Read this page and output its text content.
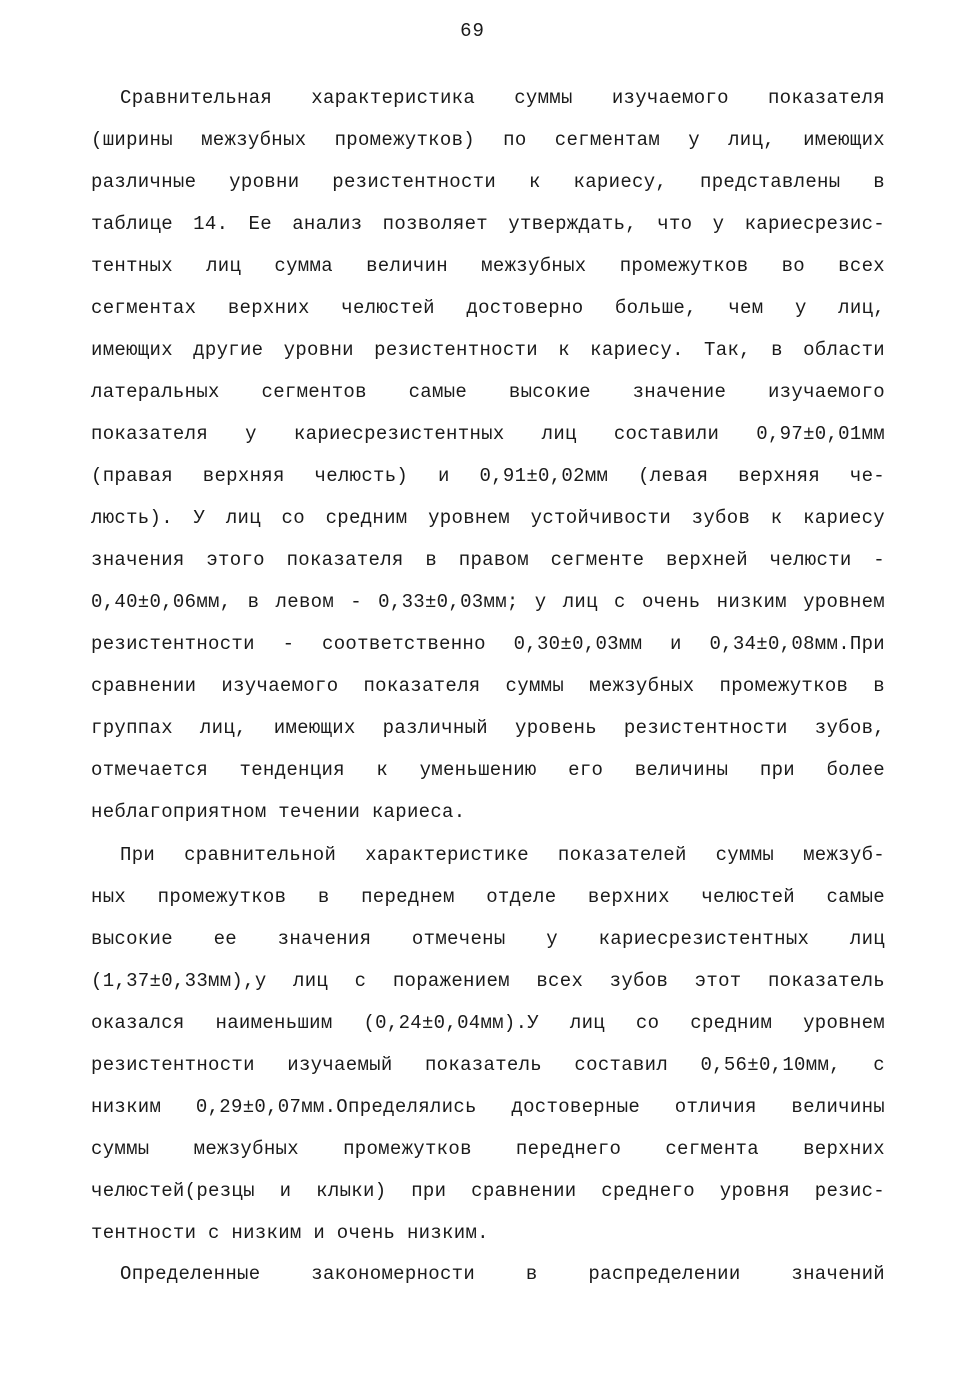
69
Сравнительная характеристика суммы изучаемого показателя
(ширины межзубных промежутков) по сегментам у лиц, имеющих
различные уровни резистентности к кариесу, представлены в
таблице 14. Ее анализ позволяет утверждать, что у кариесрезис-
тентных лиц сумма величин межзубных промежутков во всех
сегментах верхних челюстей достоверно больше, чем у лиц,
имеющих другие уровни резистентности к кариесу. Так, в области
латеральных сегментов самые высокие значение изучаемого
показателя у кариесрезистентных лиц составили 0,97±0,01мм
(правая верхняя челюсть) и 0,91±0,02мм (левая верхняя че-
люсть). У лиц со средним уровнем устойчивости зубов к кариесу
значения этого показателя в правом сегменте верхней челюсти -
0,40±0,06мм, в левом - 0,33±0,03мм; у лиц с очень низким уровнем
резистентности - соответственно 0,30±0,03мм и 0,34±0,08мм.При
сравнении изучаемого показателя суммы межзубных промежутков в
группах лиц, имеющих различный уровень резистентности зубов,
отмечается тенденция к уменьшению его величины при более
неблагоприятном течении кариеса.
При сравнительной характеристике показателей суммы межзуб-
ных промежутков в переднем отделе верхних челюстей самые
высокие ее значения отмечены у кариесрезистентных лиц
(1,37±0,33мм),у лиц с поражением всех зубов этот показатель
оказался наименьшим (0,24±0,04мм).У лиц со средним уровнем
резистентности изучаемый показатель составил 0,56±0,10мм, с
низким 0,29±0,07мм.Определялись достоверные отличия величины
суммы межзубных промежутков переднего сегмента верхних
челюстей(резцы и клыки) при сравнении среднего уровня резис-
тентности с низким и очень низким.
Определенные закономерности в распределении значений
